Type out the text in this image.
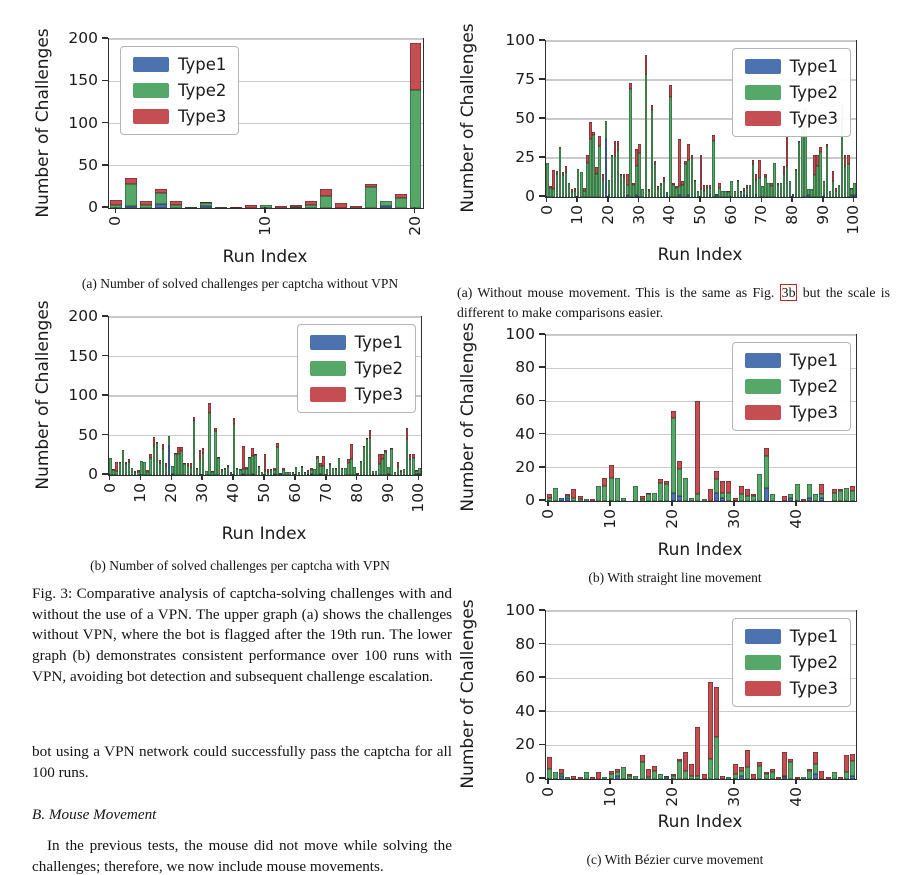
Type1
Type2
Type3
0
50
100
150
200
0	10	20
Number of Challenges
Run Index
(a) Number of solved challenges per captcha without VPN
Type1
Type2
Type3
0
50
100
150
200
0 10 20 30 40 50 60 70 80 90 100
Number of Challenges
Run Index
(b) Number of solved challenges per captcha with VPN
Fig. 3: Comparative analysis of captcha-solving challenges with and without the use of a VPN. The upper graph (a) shows the challenges without VPN, where the bot is flagged after the 19th run. The lower graph (b) demonstrates consistent performance over 100 runs with VPN, avoiding bot detection and subsequent challenge escalation.
bot using a VPN network could successfully pass the captcha for all 100 runs.
B. Mouse Movement
In the previous tests, the mouse did not move while solving the challenges; therefore, we now include mouse movements.
Type1
Type2
Type3
0
25
50
75
100
0 10 20 30 40 50 60 70 80 90 100
Number of Challenges
Run Index
(a) Without mouse movement. This is the same as Fig. 3b but the scale is different to make comparisons easier.
Type1
Type2
Type3
0
20
40
60
80
100
0	10	20	30	40
Number of Challenges
Run Index
(b) With straight line movement
Type1
Type2
Type3
0
20
40
60
80
100
0	10	20	30	40
Number of Challenges
Run Index
(c) With Bézier curve movement
